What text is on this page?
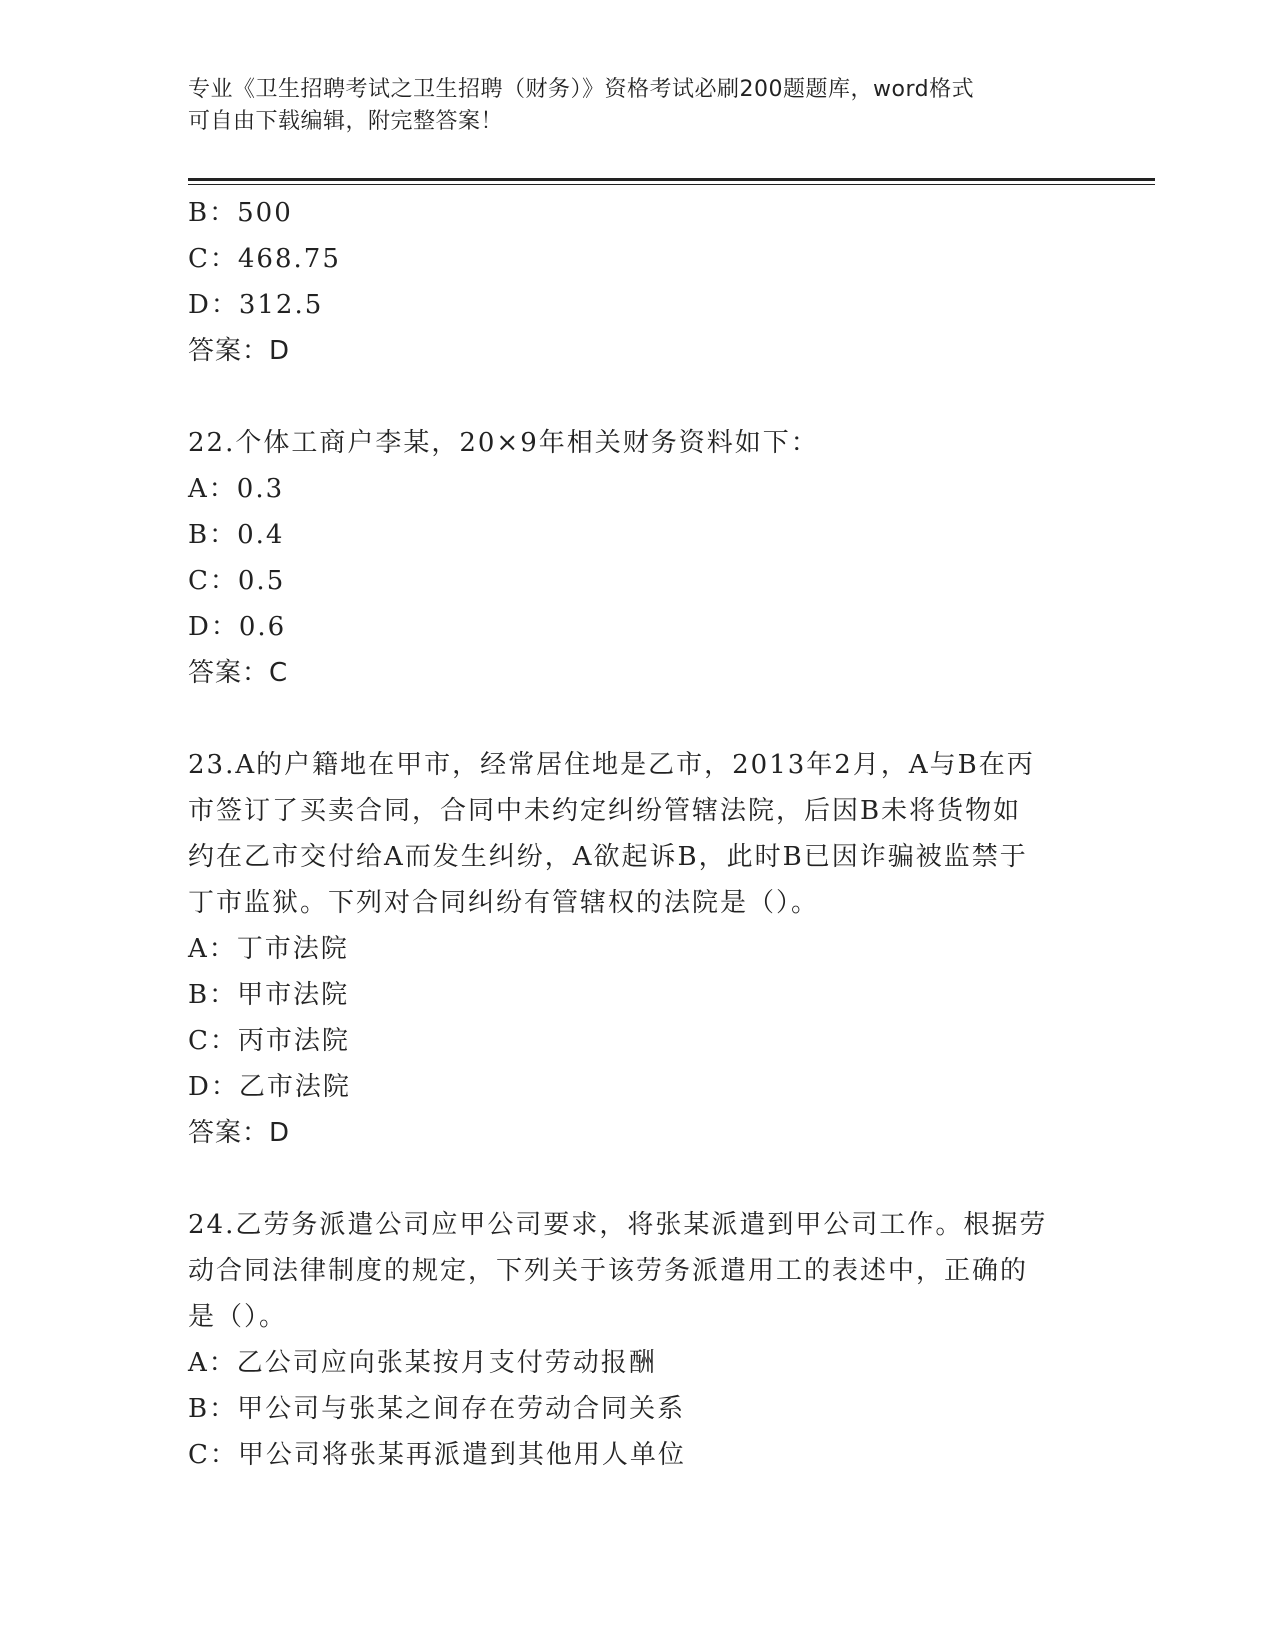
专业《卫生招聘考试之卫生招聘（财务）》资格考试必刷200题题库，word格式
可自由下载编辑，附完整答案！
B：500
C：468.75
D：312.5
答案：D
22.个体工商户李某，20×9年相关财务资料如下：
A：0.3
B：0.4
C：0.5
D：0.6
答案：C
23.A的户籍地在甲市，经常居住地是乙市，2013年2月，A与B在丙
市签订了买卖合同，合同中未约定纠纷管辖法院，后因B未将货物如
约在乙市交付给A而发生纠纷，A欲起诉B，此时B已因诈骗被监禁于
丁市监狱。下列对合同纠纷有管辖权的法院是（）。
A：丁市法院
B：甲市法院
C：丙市法院
D：乙市法院
答案：D
24.乙劳务派遣公司应甲公司要求，将张某派遣到甲公司工作。根据劳
动合同法律制度的规定，下列关于该劳务派遣用工的表述中，正确的
是（）。
A：乙公司应向张某按月支付劳动报酬
B：甲公司与张某之间存在劳动合同关系
C：甲公司将张某再派遣到其他用人单位
